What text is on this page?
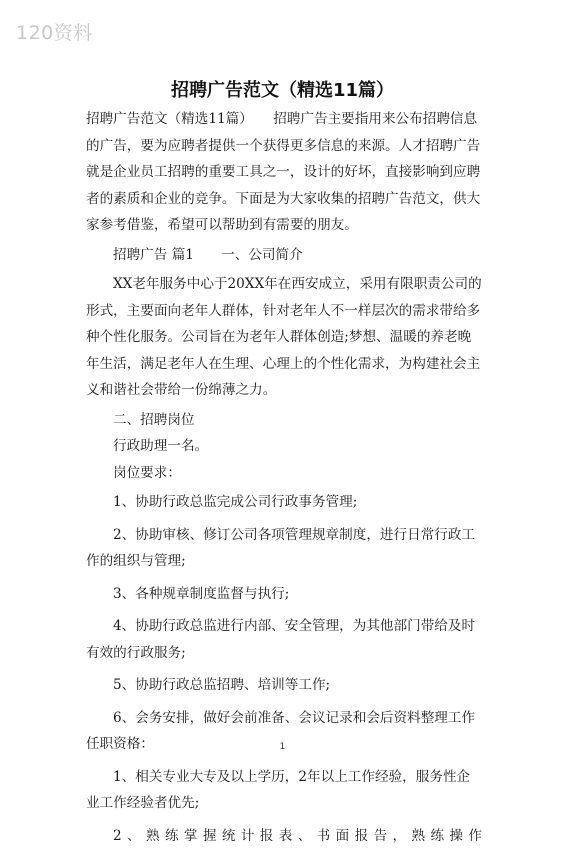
120资料
招聘广告范文（精选11篇）

招聘广告范文（精选11篇）　　招聘广告主要指用来公布招聘信息的广告，要为应聘者提供一个获得更多信息的来源。人才招聘广告就是企业员工招聘的重要工具之一，设计的好坏，直接影响到应聘者的素质和企业的竞争。下面是为大家收集的招聘广告范文，供大家参考借鉴，希望可以帮助到有需要的朋友。

招聘广告 篇1　　一、公司简介

XX老年服务中心于20XX年在西安成立，采用有限职责公司的形式，主要面向老年人群体，针对老年人不一样层次的需求带给多种个性化服务。公司旨在为老年人群体创造;梦想、温暖的养老晚年生活，满足老年人在生理、心理上的个性化需求，为构建社会主义和谐社会带给一份绵薄之力。

二、招聘岗位

行政助理一名。

岗位要求：

1、协助行政总监完成公司行政事务管理;

2、协助审核、修订公司各项管理规章制度，进行日常行政工作的组织与管理;

3、各种规章制度监督与执行;

4、协助行政总监进行内部、安全管理，为其他部门带给及时有效的行政服务;

5、协助行政总监招聘、培训等工作;

6、会务安排，做好会前准备、会议记录和会后资料整理工作任职资格：

1、相关专业大专及以上学历，2年以上工作经验，服务性企业工作经验者优先;

2、熟练掌握统计报表、书面报告，熟练操作

1
